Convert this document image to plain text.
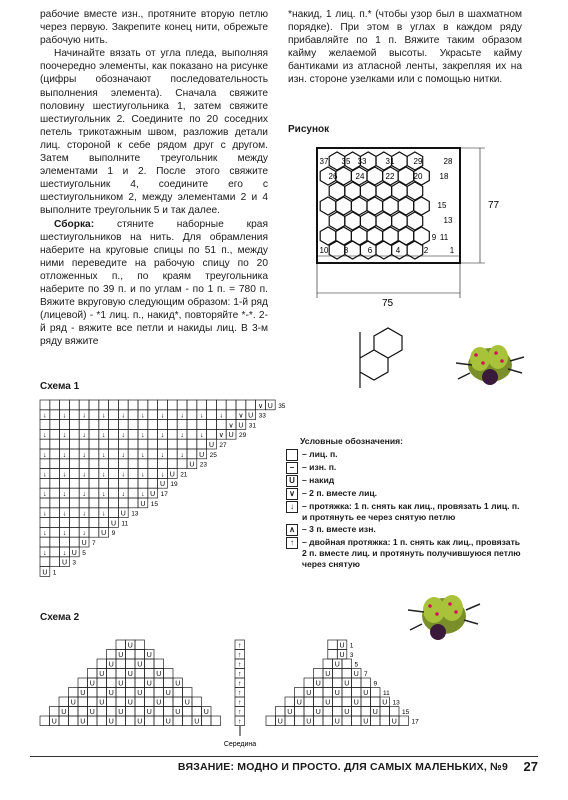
рабочие вместе изн., протяните вторую петлю через первую. Закрепите конец нити, обрежьте рабочую нить.

Начинайте вязать от угла пледа, выполняя поочередно элементы, как показано на рисунке (цифры обозначают последовательность выполнения элемента). Сначала свяжите половину шестиугольника 1, затем свяжите шестиугольник 2. Соедините по 20 соседних петель трикотажным швом, разложив детали лиц. стороной к себе рядом друг с другом. Затем выполните треугольник между элементами 1 и 2. После этого свяжите шестиугольник 4, соедините его с шестиугольником 2, между элементами 2 и 4 выполните треугольник 5 и так далее.

Сборка: стяните наборные края шестиугольников на нить. Для обрамления наберите на круговые спицы по 51 п., между ними переведите на рабочую спицу по 20 отложенных п., по краям треугольника наберите по 39 п. и по углам - по 1 п. = 780 п. Вяжите вкруговую следующим образом: 1-й ряд (лицевой) - *1 лиц. п., накид*, повторяйте *-*. 2-й ряд - вяжите все петли и накиды лиц. В 3-м ряду вяжите

*накид, 1 лиц. п.* (чтобы узор был в шахматном порядке). При этом в углах в каждом ряду прибавляйте по 1 п. Вяжите таким образом кайму желаемой высоты. Украсьте кайму бантиками из атласной ленты, закрепляя их на изн. стороне узелками или с помощью нитки.

Рисунок
37 35 33 31 29	28
26 24	22 20 18
15
13
11
9
10 8 6	4	2	1
77
75
Схема 1
∨ U 35
↓ ↓ ↓ ↓ ↓ ↓ ↓ ↓ ↓ ↓ ∨ U 33
∨ U 31
↓ ↓ ↓ ↓ ↓ ↓ ↓ ↓ ↓ ∨ U 29
U 27
↓ ↓ ↓ ↓ ↓ ↓ ↓ ↓ U 25
U 23
↓ ↓ ↓ ↓ ↓ ↓ ↓ U 21
U 19
↓ ↓ ↓ ↓ ↓ ↓ U 17
U 15
↓ ↓ ↓ ↓ U 13
U 11
↓ ↓ ↓ U 9
U 7
↓ ↓ U 5
U 3
U 1
Схема 2
U	U	U	U	U	U
U	U	U	U	U	U
U	U	U	U	U
U	U	U	U
U	U	U	U
U	U	U
U	U
U	U
U
U	U	U	U	U 17
U	U	U	U	15
U	U	U	U 13
U	U	U 11
U	U	9
U	U 7
U 5
U 3
U 1
↑
↑
↑
↑
↑
↑
↑
↑
↑
Середина
Условные обозначения:
– лиц. п.
– – изн. п.
U – накид
∨ – 2 п. вместе лиц.
↓ – протяжка: 1 п. снять как лиц., провязать 1 лиц. п. и протянуть ее через снятую петлю
∧ – 3 п. вместе изн.
↑ – двойная протяжка: 1 п. снять как лиц., провязать 2 п. вместе лиц. и протянуть получившуюся петлю через снятую
ВЯЗАНИЕ: МОДНО И ПРОСТО. ДЛЯ САМЫХ МАЛЕНЬКИХ, №9 27
